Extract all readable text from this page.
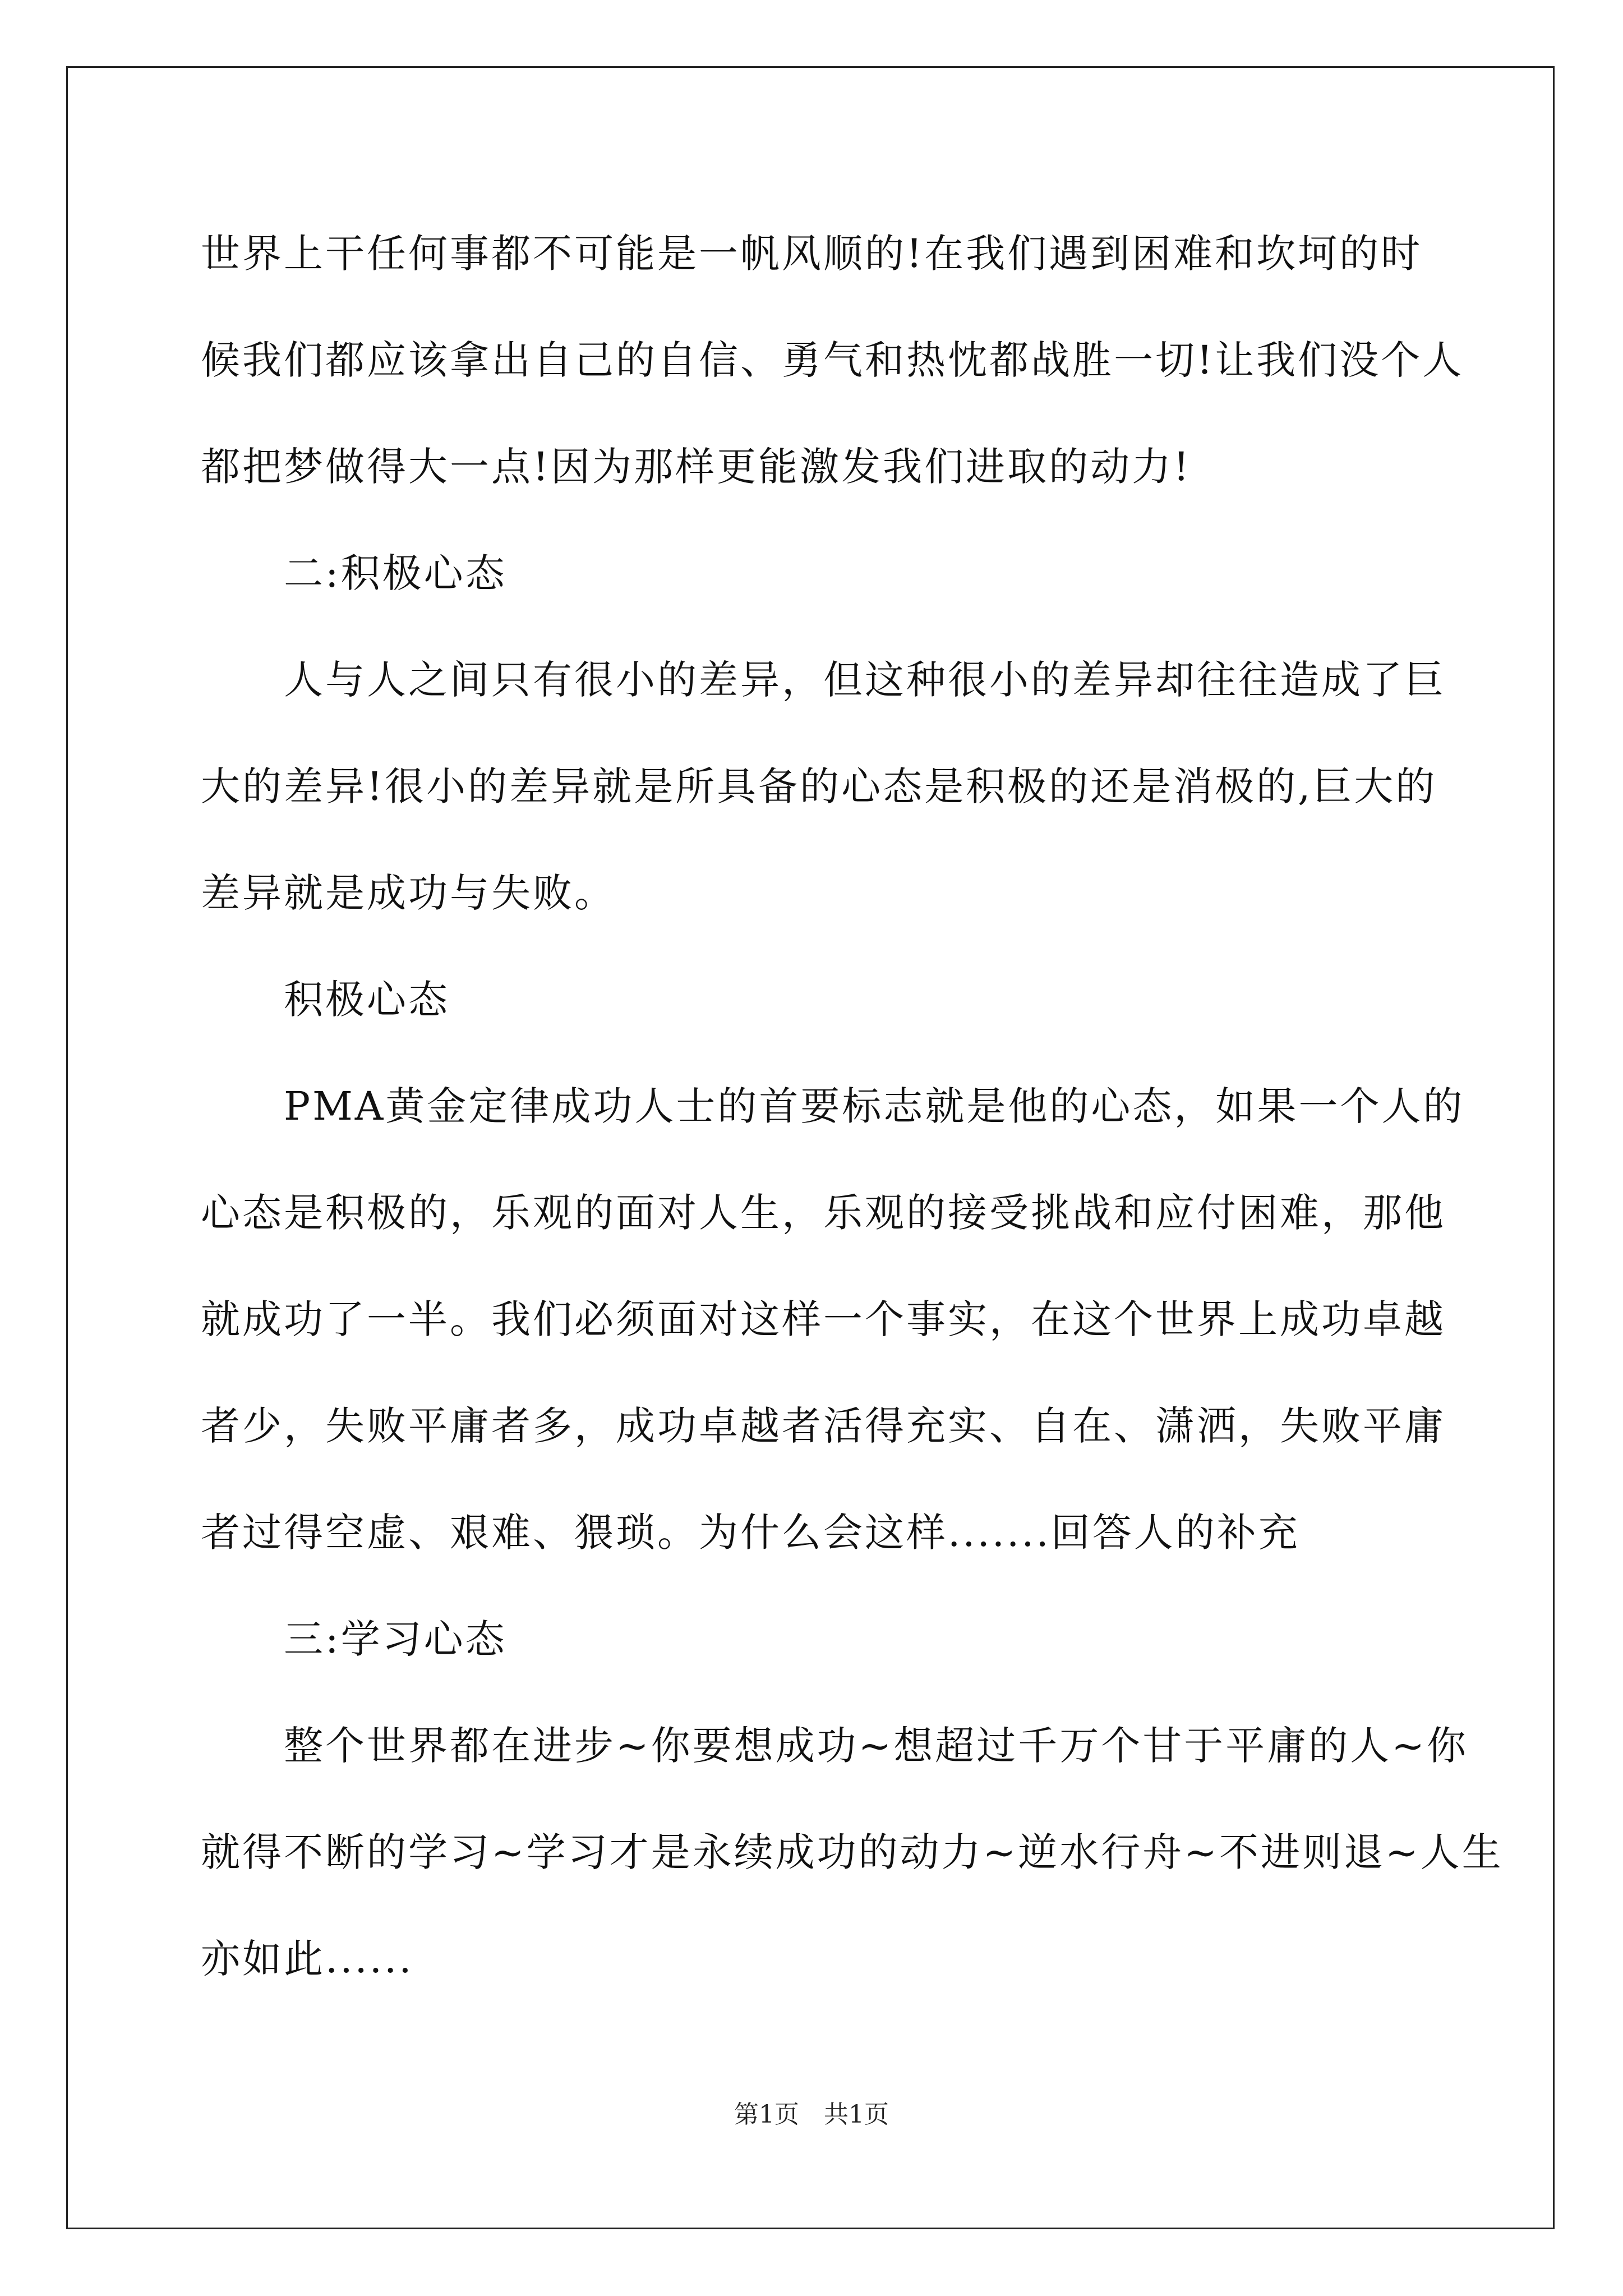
世界上干任何事都不可能是一帆风顺的!在我们遇到困难和坎坷的时
候我们都应该拿出自己的自信、勇气和热忱都战胜一切!让我们没个人
都把梦做得大一点!因为那样更能激发我们进取的动力!
二:积极心态
人与人之间只有很小的差异，但这种很小的差异却往往造成了巨
大的差异!很小的差异就是所具备的心态是积极的还是消极的,巨大的
差异就是成功与失败。
积极心态
PMA黄金定律成功人士的首要标志就是他的心态，如果一个人的
心态是积极的，乐观的面对人生，乐观的接受挑战和应付困难，那他
就成功了一半。我们必须面对这样一个事实，在这个世界上成功卓越
者少，失败平庸者多，成功卓越者活得充实、自在、潇洒，失败平庸
者过得空虚、艰难、猥琐。为什么会这样.......回答人的补充
三:学习心态
整个世界都在进步~你要想成功~想超过千万个甘于平庸的人~你
就得不断的学习~学习才是永续成功的动力~逆水行舟~不进则退~人生
亦如此......
第1页　共1页
